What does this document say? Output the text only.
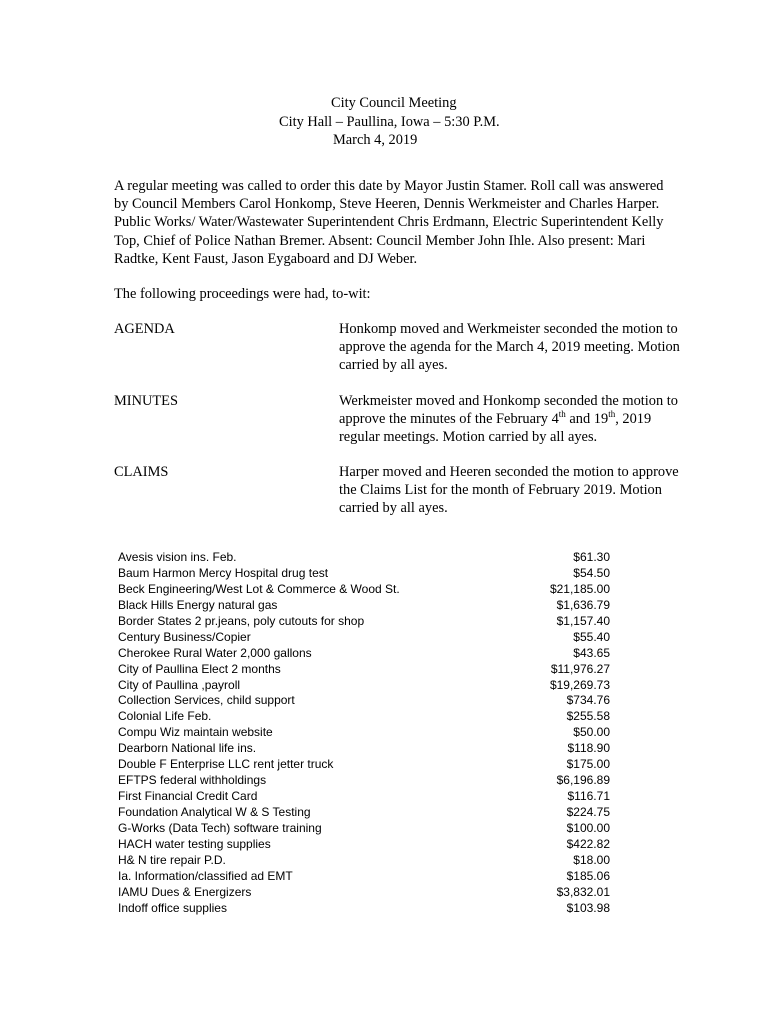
City Council Meeting
City Hall – Paullina, Iowa – 5:30 P.M.
March 4, 2019
A regular meeting was called to order this date by Mayor Justin Stamer. Roll call was answered by Council Members Carol Honkomp, Steve Heeren, Dennis Werkmeister and Charles Harper. Public Works/ Water/Wastewater Superintendent Chris Erdmann, Electric Superintendent Kelly Top, Chief of Police Nathan Bremer. Absent: Council Member John Ihle. Also present: Mari Radtke, Kent Faust, Jason Eygaboard and DJ Weber.
The following proceedings were had, to-wit:
AGENDA	Honkomp moved and Werkmeister seconded the motion to approve the agenda for the March 4, 2019 meeting. Motion carried by all ayes.
MINUTES	Werkmeister moved and Honkomp seconded the motion to approve the minutes of the February 4th and 19th, 2019 regular meetings. Motion carried by all ayes.
CLAIMS	Harper moved and Heeren seconded the motion to approve the Claims List for the month of February 2019. Motion carried by all ayes.
Avesis vision ins. Feb.	$61.30
Baum Harmon Mercy Hospital drug test	$54.50
Beck Engineering/West Lot & Commerce & Wood St.	$21,185.00
Black Hills Energy natural gas	$1,636.79
Border States 2 pr.jeans, poly cutouts for shop	$1,157.40
Century Business/Copier	$55.40
Cherokee Rural Water 2,000 gallons	$43.65
City of Paullina Elect 2 months	$11,976.27
City of Paullina ,payroll	$19,269.73
Collection Services, child support	$734.76
Colonial Life Feb.	$255.58
Compu Wiz maintain website	$50.00
Dearborn National life ins.	$118.90
Double F Enterprise LLC rent jetter truck	$175.00
EFTPS federal withholdings	$6,196.89
First Financial Credit Card	$116.71
Foundation Analytical W & S Testing	$224.75
G-Works (Data Tech) software training	$100.00
HACH water testing supplies	$422.82
H& N tire repair P.D.	$18.00
Ia. Information/classified ad EMT	$185.06
IAMU Dues & Energizers	$3,832.01
Indoff office supplies	$103.98
